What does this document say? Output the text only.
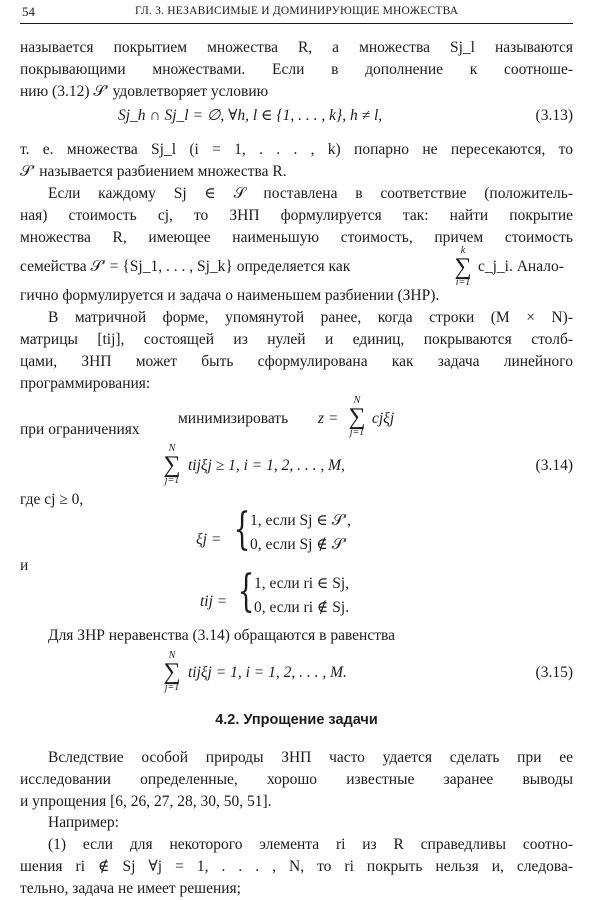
54	ГЛ. 3. НЕЗАВИСИМЫЕ И ДОМИНИРУЮЩИЕ МНОЖЕСТВА
называется покрытием множества R, а множества Sj_l называются
покрывающими множествами. Если в дополнение к соотноше-
нию (3.12) 𝒮′ удовлетворяет условию
Sj_h ∩ Sj_l = ∅, ∀h, l ∈ {1, . . . , k}, h ≠ l,	(3.13)
т. е. множества Sj_l (i = 1, . . . , k) попарно не пересекаются, то
𝒮′ называется разбиением множества R.
Если каждому Sj ∈ 𝒮 поставлена в соответствие (положитель-
ная) стоимость cj, то ЗНП формулируется так: найти покрытие
множества R, имеющее наименьшую стоимость, причем стоимость
семейства 𝒮′ = {Sj_1, . . . , Sj_k} определяется как
k
∑
i=1
c_j_i. Анало-
гично формулируется и задача о наименьшем разбиении (ЗНР).
В матричной форме, упомянутой ранее, когда строки (M × N)-
матрицы [tij], состоящей из нулей и единиц, покрываются столб-
цами, ЗНП может быть сформулирована как задача линейного
программирования:
минимизировать z =
N
∑
j=1
cjξj
при ограничениях
N
∑
j=1
tijξj ≥ 1, i = 1, 2, . . . , M,	(3.14)
где cj ≥ 0,
ξj = { 1, если Sj ∈ 𝒮′,
0, если Sj ∉ 𝒮′
и
tij = { 1, если ri ∈ Sj,
0, если ri ∉ Sj.
Для ЗНР неравенства (3.14) обращаются в равенства
N
∑
j=1
tijξj = 1, i = 1, 2, . . . , M.	(3.15)
4.2. Упрощение задачи
Вследствие особой природы ЗНП часто удается сделать при ее
исследовании определенные, хорошо известные заранее выводы
и упрощения [6, 26, 27, 28, 30, 50, 51].
Например:
(1) если для некоторого элемента ri из R справедливы соотно-
шения ri ∉ Sj ∀j = 1, . . . , N, то ri покрыть нельзя и, следова-
тельно, задача не имеет решения;
